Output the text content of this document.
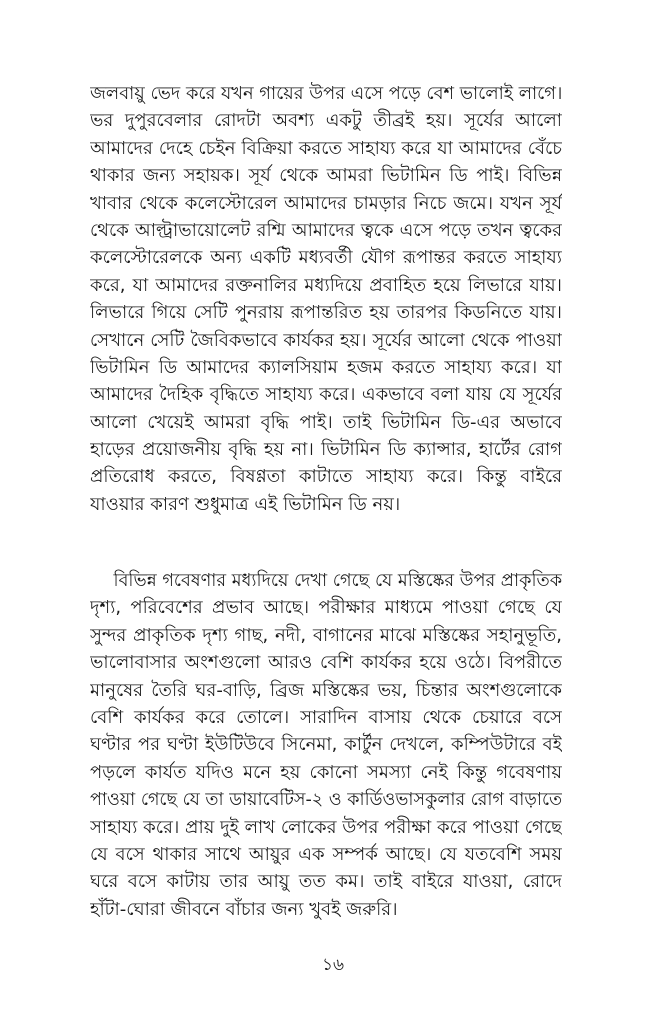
জলবায়ু ভেদ করে যখন গায়ের উপর এসে পড়ে বেশ ভালোই লাগে।
ভর দুপুরবেলার রোদটা অবশ্য একটু তীব্রই হয়। সূর্যের আলো
আমাদের দেহে চেইন বিক্রিয়া করতে সাহায্য করে যা আমাদের বেঁচে
থাকার জন্য সহায়ক। সূর্য থেকে আমরা ভিটামিন ডি পাই। বিভিন্ন
খাবার থেকে কলেস্টোরেল আমাদের চামড়ার নিচে জমে। যখন সূর্য
থেকে আল্ট্রাভায়োলেট রশ্মি আমাদের ত্বকে এসে পড়ে তখন ত্বকের
কলেস্টোরেলকে অন্য একটি মধ্যবর্তী যৌগ রূপান্তর করতে সাহায্য
করে, যা আমাদের রক্তনালির মধ্যদিয়ে প্রবাহিত হয়ে লিভারে যায়।
লিভারে গিয়ে সেটি পুনরায় রূপান্তরিত হয় তারপর কিডনিতে যায়।
সেখানে সেটি জৈবিকভাবে কার্যকর হয়। সূর্যের আলো থেকে পাওয়া
ভিটামিন ডি আমাদের ক্যালসিয়াম হজম করতে সাহায্য করে। যা
আমাদের দৈহিক বৃদ্ধিতে সাহায্য করে। একভাবে বলা যায় যে সূর্যের
আলো খেয়েই আমরা বৃদ্ধি পাই। তাই ভিটামিন ডি-এর অভাবে
হাড়ের প্রয়োজনীয় বৃদ্ধি হয় না। ভিটামিন ডি ক্যান্সার, হার্টের রোগ
প্রতিরোধ করতে, বিষণ্ণতা কাটাতে সাহায্য করে। কিন্তু বাইরে
যাওয়ার কারণ শুধুমাত্র এই ভিটামিন ডি নয়।
বিভিন্ন গবেষণার মধ্যদিয়ে দেখা গেছে যে মস্তিষ্কের উপর প্রাকৃতিক
দৃশ্য, পরিবেশের প্রভাব আছে। পরীক্ষার মাধ্যমে পাওয়া গেছে যে
সুন্দর প্রাকৃতিক দৃশ্য গাছ, নদী, বাগানের মাঝে মস্তিষ্কের সহানুভূতি,
ভালোবাসার অংশগুলো আরও বেশি কার্যকর হয়ে ওঠে। বিপরীতে
মানুষের তৈরি ঘর-বাড়ি, ব্রিজ মস্তিষ্কের ভয়, চিন্তার অংশগুলোকে
বেশি কার্যকর করে তোলে। সারাদিন বাসায় থেকে চেয়ারে বসে
ঘণ্টার পর ঘণ্টা ইউটিউবে সিনেমা, কার্টুন দেখলে, কম্পিউটারে বই
পড়লে কার্যত যদিও মনে হয় কোনো সমস্যা নেই কিন্তু গবেষণায়
পাওয়া গেছে যে তা ডায়াবেটিস-২ ও কার্ডিওভাসকুলার রোগ বাড়াতে
সাহায্য করে। প্রায় দুই লাখ লোকের উপর পরীক্ষা করে পাওয়া গেছে
যে বসে থাকার সাথে আয়ুর এক সম্পর্ক আছে। যে যতবেশি সময়
ঘরে বসে কাটায় তার আয়ু তত কম। তাই বাইরে যাওয়া, রোদে
হাঁটা-ঘোরা জীবনে বাঁচার জন্য খুবই জরুরি।
১৬
